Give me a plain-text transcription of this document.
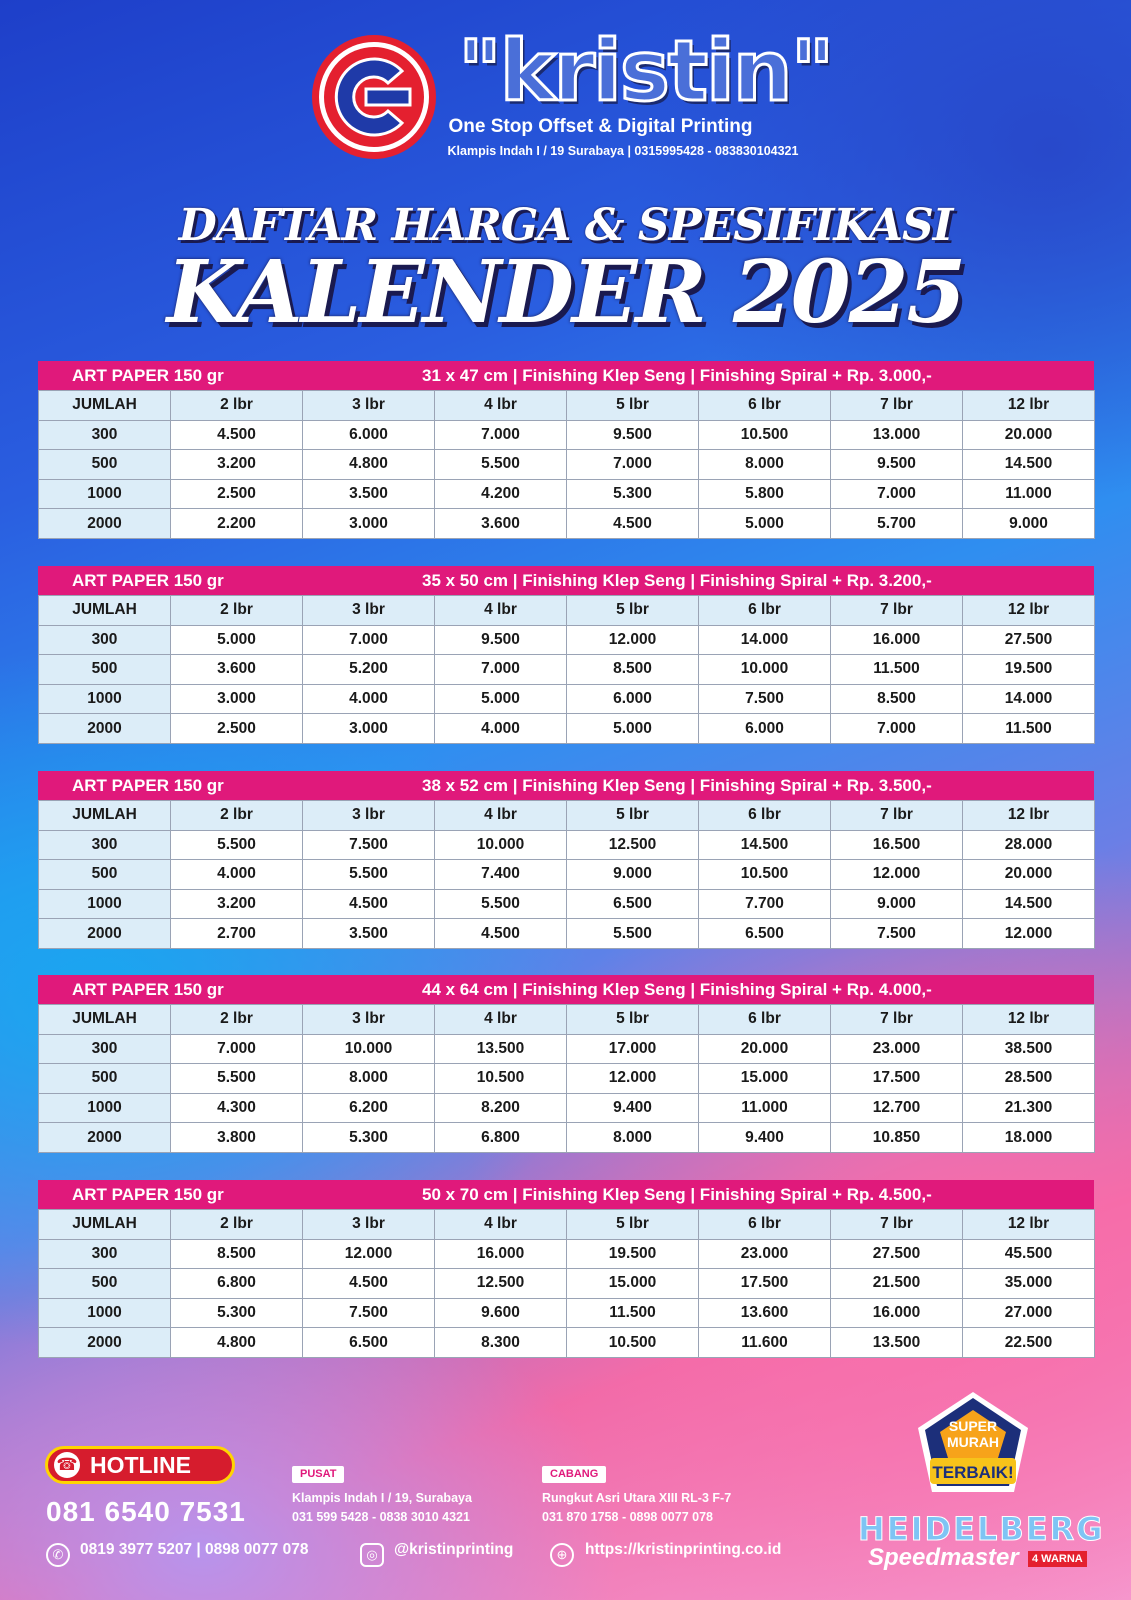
"kristin"
One Stop Offset & Digital Printing
Klampis Indah I / 19 Surabaya | 0315995428 - 083830104321
DAFTAR HARGA & SPESIFIKASI
KALENDER 2025
ART PAPER 150 gr	31 x 47 cm | Finishing Klep Seng | Finishing Spiral + Rp. 3.000,-
JUMLAH	2 lbr	3 lbr	4 lbr	5 lbr	6 lbr	7 lbr	12 lbr
300	4.500	6.000	7.000	9.500	10.500	13.000	20.000
500	3.200	4.800	5.500	7.000	8.000	9.500	14.500
1000	2.500	3.500	4.200	5.300	5.800	7.000	11.000
2000	2.200	3.000	3.600	4.500	5.000	5.700	9.000
ART PAPER 150 gr	35 x 50 cm | Finishing Klep Seng | Finishing Spiral + Rp. 3.200,-
JUMLAH	2 lbr	3 lbr	4 lbr	5 lbr	6 lbr	7 lbr	12 lbr
300	5.000	7.000	9.500	12.000	14.000	16.000	27.500
500	3.600	5.200	7.000	8.500	10.000	11.500	19.500
1000	3.000	4.000	5.000	6.000	7.500	8.500	14.000
2000	2.500	3.000	4.000	5.000	6.000	7.000	11.500
ART PAPER 150 gr	38 x 52 cm | Finishing Klep Seng | Finishing Spiral + Rp. 3.500,-
JUMLAH	2 lbr	3 lbr	4 lbr	5 lbr	6 lbr	7 lbr	12 lbr
300	5.500	7.500	10.000	12.500	14.500	16.500	28.000
500	4.000	5.500	7.400	9.000	10.500	12.000	20.000
1000	3.200	4.500	5.500	6.500	7.700	9.000	14.500
2000	2.700	3.500	4.500	5.500	6.500	7.500	12.000
ART PAPER 150 gr	44 x 64 cm | Finishing Klep Seng | Finishing Spiral + Rp. 4.000,-
JUMLAH	2 lbr	3 lbr	4 lbr	5 lbr	6 lbr	7 lbr	12 lbr
300	7.000	10.000	13.500	17.000	20.000	23.000	38.500
500	5.500	8.000	10.500	12.000	15.000	17.500	28.500
1000	4.300	6.200	8.200	9.400	11.000	12.700	21.300
2000	3.800	5.300	6.800	8.000	9.400	10.850	18.000
ART PAPER 150 gr	50 x 70 cm | Finishing Klep Seng | Finishing Spiral + Rp. 4.500,-
JUMLAH	2 lbr	3 lbr	4 lbr	5 lbr	6 lbr	7 lbr	12 lbr
300	8.500	12.000	16.000	19.500	23.000	27.500	45.500
500	6.800	4.500	12.500	15.000	17.500	21.500	35.000
1000	5.300	7.500	9.600	11.500	13.600	16.000	27.000
2000	4.800	6.500	8.300	10.500	11.600	13.500	22.500
☎ HOTLINE
081 6540 7531
PUSAT
Klampis Indah I / 19, Surabaya
031 599 5428 - 0838 3010 4321
CABANG
Rungkut Asri Utara XIII RL-3 F-7
031 870 1758 - 0898 0077 078
✆	0819 3977 5207 | 0898 0077 078	◎	@kristinprinting	⊕	https://kristinprinting.co.id
SUPER
MURAH
TERBAIK!
HEIDELBERG
Speedmaster	4 WARNA
